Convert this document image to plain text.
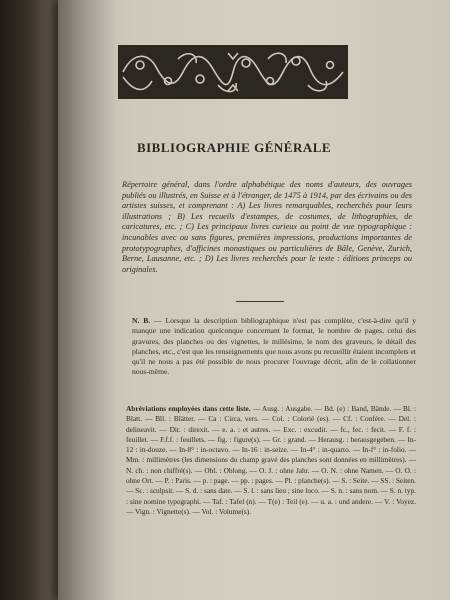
BIBLIOGRAPHIE GÉNÉRALE
Répertoire général, dans l'ordre alphabétique des noms d'auteurs, des ouvrages publiés ou illustrés, en Suisse et à l'étranger, de 1475 à 1914, par des écrivains ou des artistes suisses, et comprenant : A) Les livres remarquables, recherchés pour leurs illustrations ; B) Les recueils d'estampes, de costumes, de lithographies, de caricatures, etc. ; C) Les principaux livres curieux au point de vue typographique : incunables avec ou sans figures, premières impressions, productions importantes de prototypographes, d'officines monastiques ou particulières de Bâle, Genève, Zurich, Berne, Lausanne, etc. ; D) Les livres recherchés pour le texte : éditions princeps ou originales.
N. B. — Lorsque la description bibliographique n'est pas complète, c'est-à-dire qu'il y manque une indication quelconque concernant le format, le nombre de pages, celui des gravures, des planches ou des vignettes, le millésime, le nom des graveurs, le détail des planches, etc., c'est que les renseignements que nous avons pu recueillir étaient incomplets et qu'il ne nous a pas été possible de nous procurer l'ouvrage décrit, afin de le collationner nous-même.
Abréviations employées dans cette liste. — Ausg. : Ausgabe. — Bd. (e) : Band, Bände. — Bl. : Blatt. — Bll. : Blätter. — Ca : Circa, vers. — Col. : Colorié (es). — Cf. : Confére. — Del. : delineavit. — Dir. : direxit. — e. a. : et autres. — Exc. : excudit. — fc., fec. : fecit. — F. f. : feuillet. — F.f.f. : feuillets. — fig. : figure(s). — Gr. : grand. — Herausg. : herausgegeben. — In-12 : in-douze. — In-8° : in-octavo. — In-16 : in-seize. — In-4° : in-quarto. — In-f° : in-folio. — Mm. : millimètres (les dimensions du champ gravé des planches sont données en millimètres). — N. ch. : non chiffré(s). — Obl. : Oblong. — O. J. : ohne Jahr. — O. N. : ohne Namen. — O. O. : ohne Ort. — P. : Paris. — p. : page. — pp. : pages. — Pl. : planche(s). — S. : Seite. — SS. : Seiten. — Sc. : sculpsit. — S. d. : sans date. — S. l. : sans lieu ; sine loco. — S. n. : sans nom. — S. n. typ. : sine nomine typographi. — Taf. : Tafel (n). — T(e) : Teil (e). — u. a. : und andere. — V. : Voyez. — Vign. : Vignette(s). — Vol. : Volume(s).
